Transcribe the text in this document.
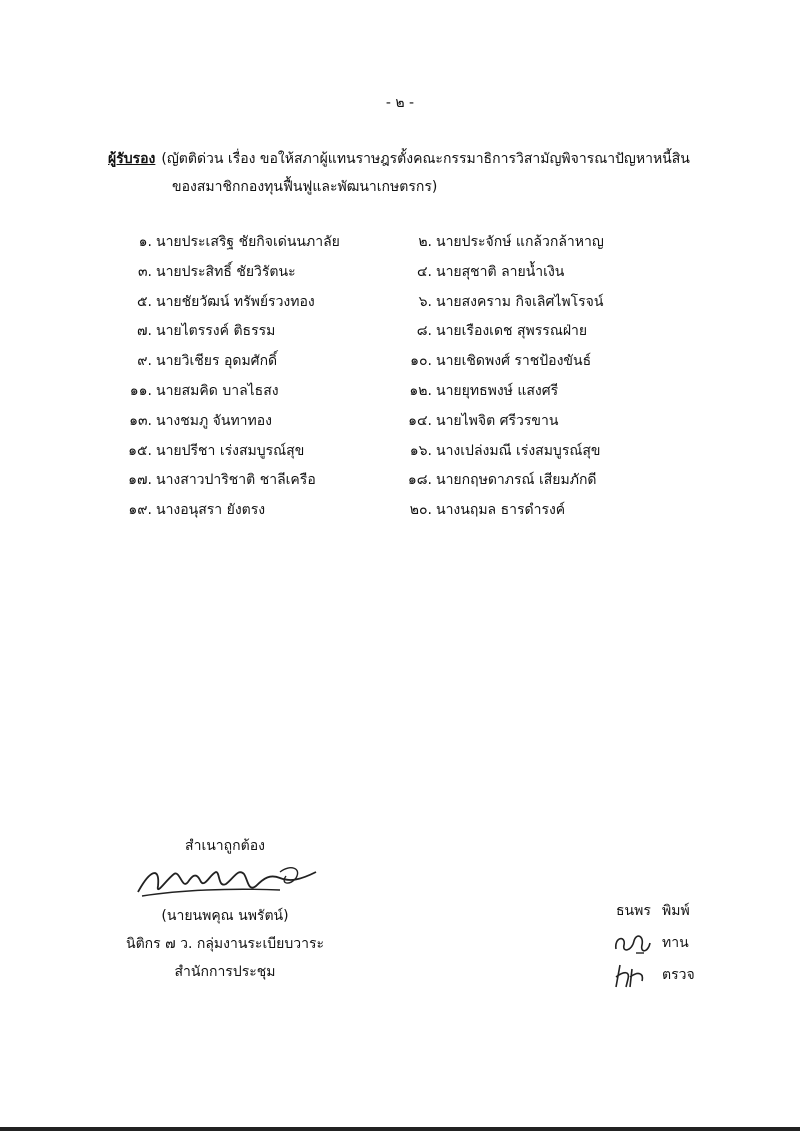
- ๒ -
ผู้รับรอง (ญัตติด่วน เรื่อง ขอให้สภาผู้แทนราษฎรตั้งคณะกรรมาธิการวิสามัญพิจารณาปัญหาหนี้สิน
ของสมาชิกกองทุนฟื้นฟูและพัฒนาเกษตรกร)
๑. นายประเสริฐ ชัยกิจเด่นนภาลัย
๓. นายประสิทธิ์ ชัยวิรัตนะ
๕. นายชัยวัฒน์ ทรัพย์รวงทอง
๗. นายไตรรงค์ ติธรรม
๙. นายวิเชียร อุดมศักดิ์
๑๑. นายสมคิด บาลไธสง
๑๓. นางชมภู จันทาทอง
๑๕. นายปรีชา เร่งสมบูรณ์สุข
๑๗. นางสาวปาริชาติ ชาลีเครือ
๑๙. นางอนุสรา ยังตรง
๒. นายประจักษ์ แกล้วกล้าหาญ
๔. นายสุชาติ ลายน้ำเงิน
๖. นายสงคราม กิจเลิศไพโรจน์
๘. นายเรืองเดช สุพรรณฝ่าย
๑๐. นายเชิดพงศ์ ราชป้องขันธ์
๑๒. นายยุทธพงษ์ แสงศรี
๑๔. นายไพจิต ศรีวรขาน
๑๖. นางเปล่งมณี เร่งสมบูรณ์สุข
๑๘. นายกฤษดาภรณ์ เสียมภักดี
๒๐. นางนฤมล ธารดำรงค์
สำเนาถูกต้อง
(นายนพคุณ นพรัตน์)
นิติกร ๗ ว. กลุ่มงานระเบียบวาระ
สำนักการประชุม
ธนพร พิมพ์
ทาน
ตรวจ
